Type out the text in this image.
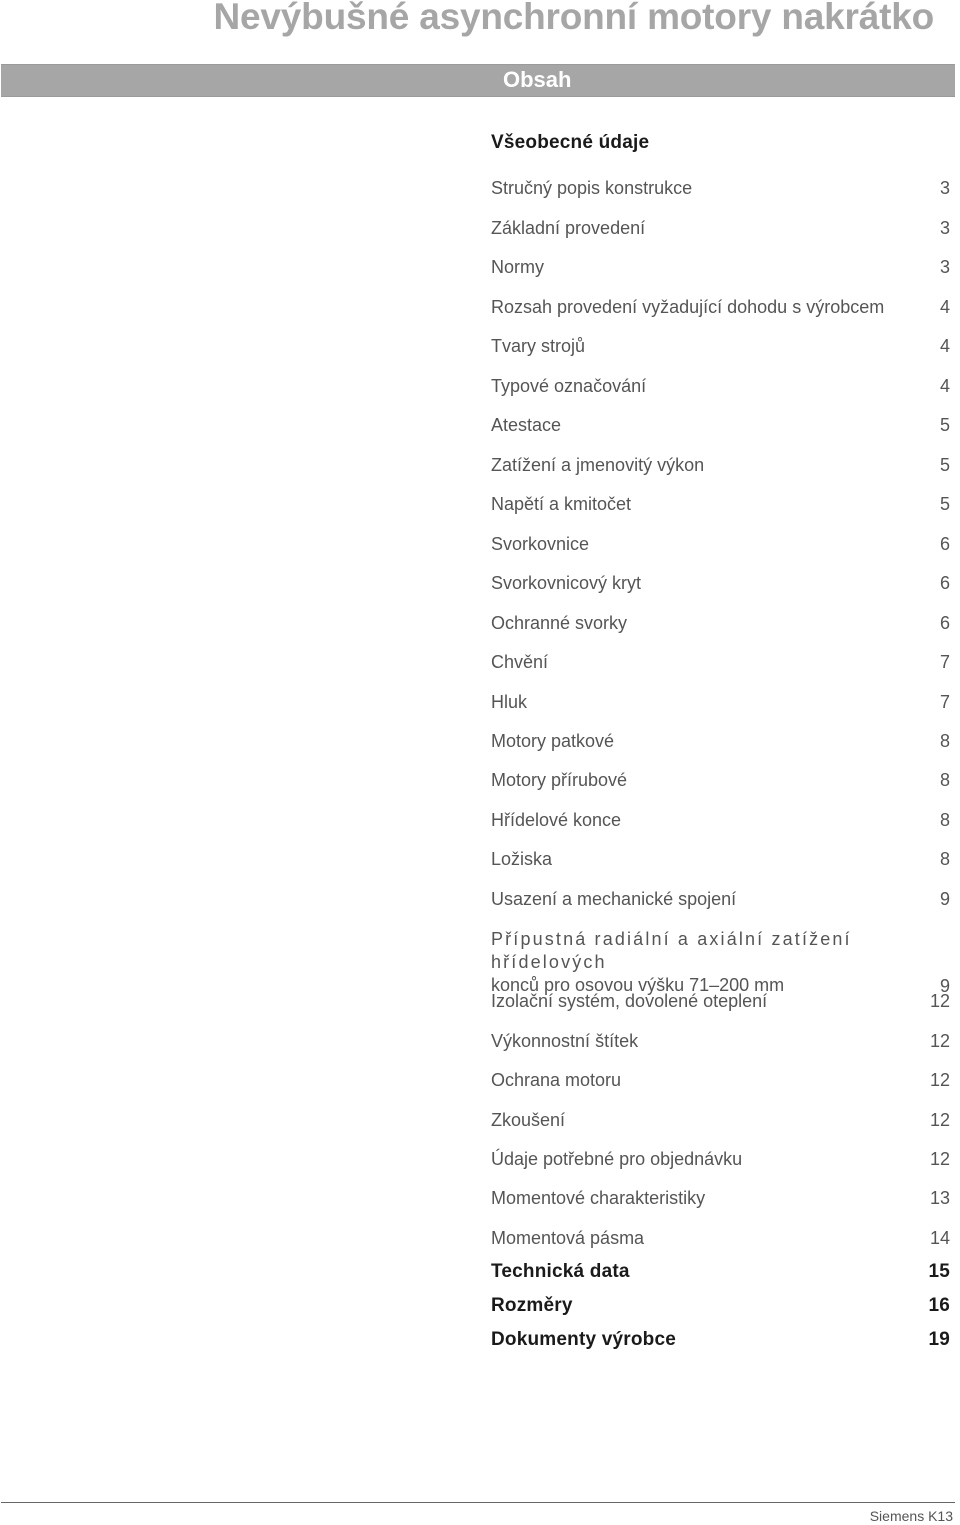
Nevýbušné asynchronní motory nakrátko
Obsah
Všeobecné údaje
Stručný popis konstrukce	3
Základní provedení	3
Normy	3
Rozsah provedení vyžadující dohodu s výrobcem	4
Tvary strojů	4
Typové označování	4
Atestace	5
Zatížení a jmenovitý výkon	5
Napětí a kmitočet	5
Svorkovnice	6
Svorkovnicový kryt	6
Ochranné svorky	6
Chvění	7
Hluk	7
Motory patkové	8
Motory přírubové	8
Hřídelové konce	8
Ložiska	8
Usazení a mechanické spojení	9
Přípustná radiální a axiální zatížení hřídelových
konců pro osovou výšku 71–200 mm	9
Izolační systém, dovolené oteplení	12
Výkonnostní štítek	12
Ochrana motoru	12
Zkoušení	12
Údaje potřebné pro objednávku	12
Momentové charakteristiky	13
Momentová pásma	14
Technická data	15
Rozměry	16
Dokumenty výrobce	19
Siemens K13
